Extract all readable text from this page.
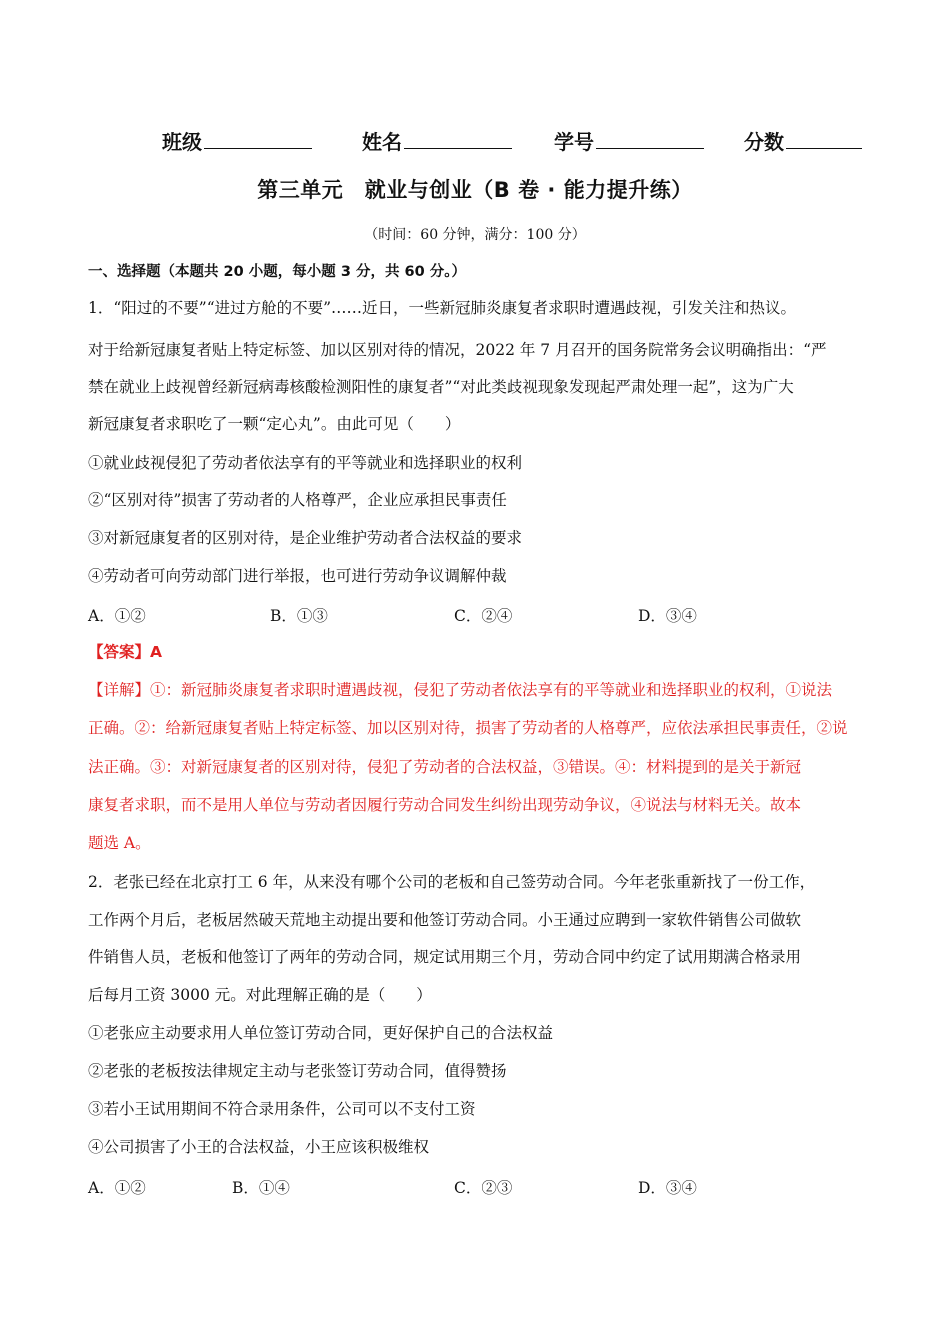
班级	姓名	学号	分数
第三单元　就业与创业（B 卷 · 能力提升练）
（时间：60 分钟，满分：100 分）
一、选择题（本题共 20 小题，每小题 3 分，共 60 分。）
1．“阳过的不要”“进过方舱的不要”……近日，一些新冠肺炎康复者求职时遭遇歧视，引发关注和热议。
对于给新冠康复者贴上特定标签、加以区别对待的情况，2022 年 7 月召开的国务院常务会议明确指出：“严
禁在就业上歧视曾经新冠病毒核酸检测阳性的康复者”“对此类歧视现象发现起严肃处理一起”，这为广大
新冠康复者求职吃了一颗“定心丸”。由此可见（　　）
①就业歧视侵犯了劳动者依法享有的平等就业和选择职业的权利
②“区别对待”损害了劳动者的人格尊严，企业应承担民事责任
③对新冠康复者的区别对待，是企业维护劳动者合法权益的要求
④劳动者可向劳动部门进行举报，也可进行劳动争议调解仲裁
A．①②	B．①③	C．②④	D．③④
【答案】A
【详解】①：新冠肺炎康复者求职时遭遇歧视，侵犯了劳动者依法享有的平等就业和选择职业的权利，①说法
正确。②：给新冠康复者贴上特定标签、加以区别对待，损害了劳动者的人格尊严，应依法承担民事责任，②说
法正确。③：对新冠康复者的区别对待，侵犯了劳动者的合法权益，③错误。④：材料提到的是关于新冠
康复者求职，而不是用人单位与劳动者因履行劳动合同发生纠纷出现劳动争议，④说法与材料无关。故本
题选 A。
2．老张已经在北京打工 6 年，从来没有哪个公司的老板和自己签劳动合同。今年老张重新找了一份工作，
工作两个月后，老板居然破天荒地主动提出要和他签订劳动合同。小王通过应聘到一家软件销售公司做软
件销售人员，老板和他签订了两年的劳动合同，规定试用期三个月，劳动合同中约定了试用期满合格录用
后每月工资 3000 元。对此理解正确的是（　　）
①老张应主动要求用人单位签订劳动合同，更好保护自己的合法权益
②老张的老板按法律规定主动与老张签订劳动合同，值得赞扬
③若小王试用期间不符合录用条件，公司可以不支付工资
④公司损害了小王的合法权益，小王应该积极维权
A．①②	B．①④	C．②③	D．③④
